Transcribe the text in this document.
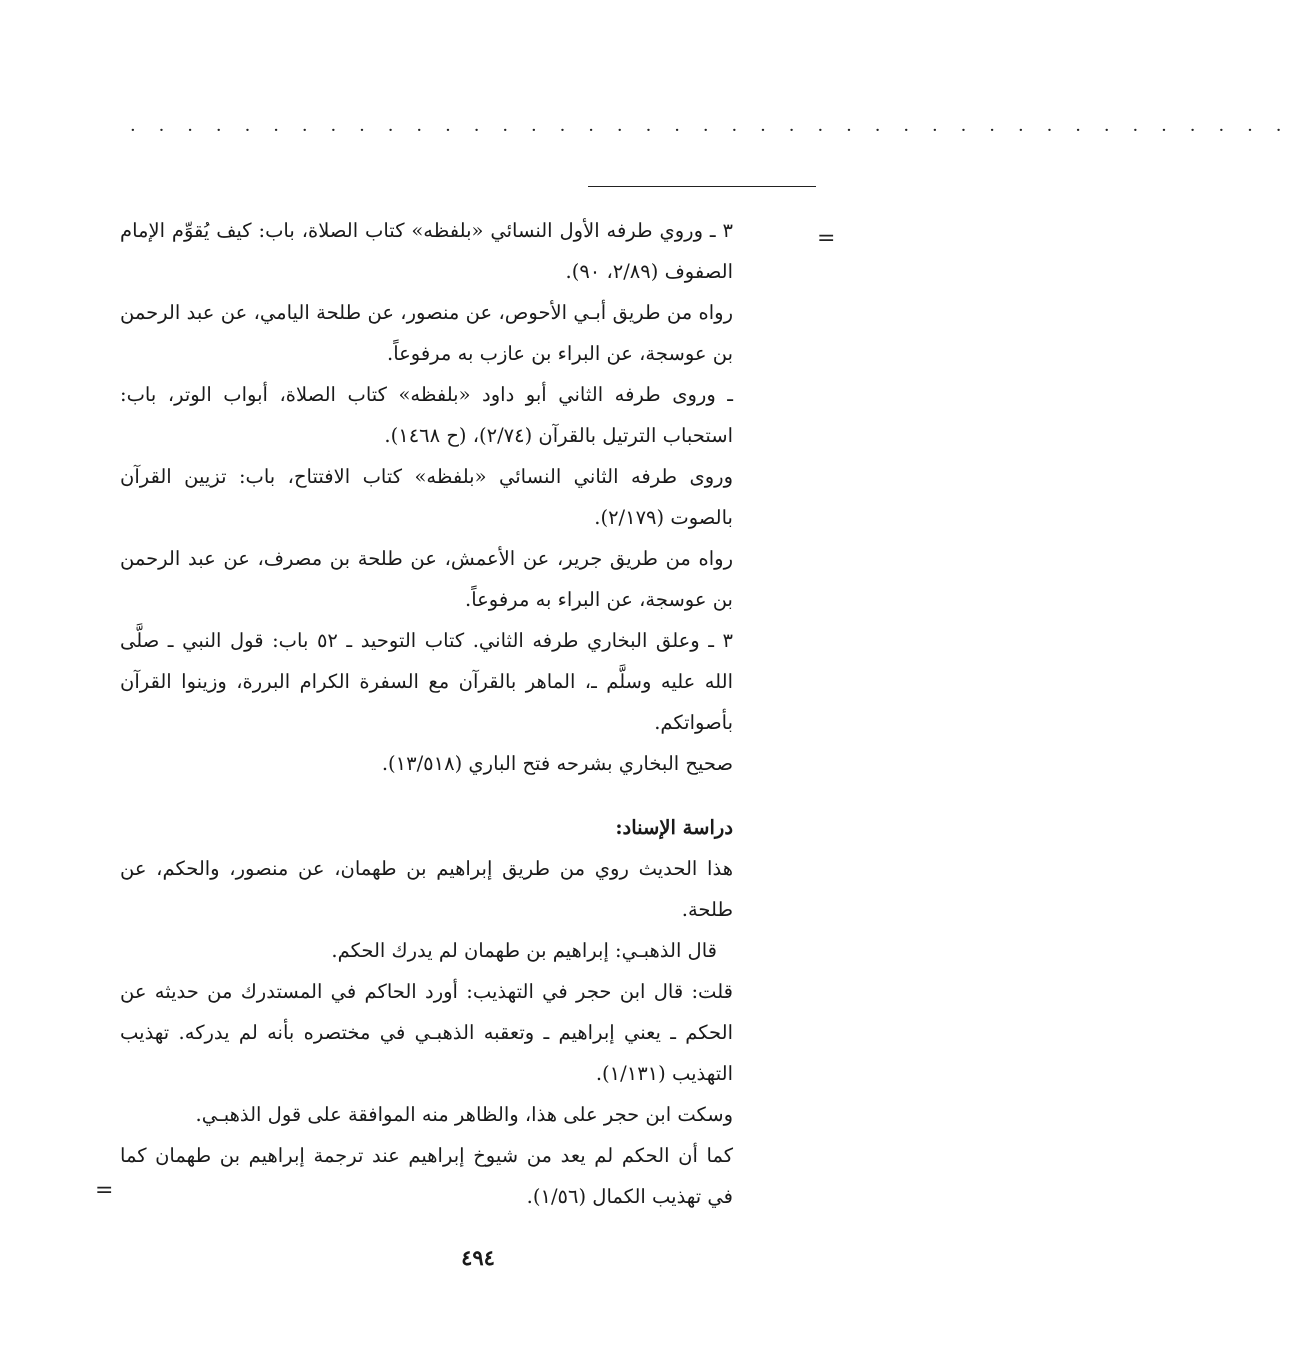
· · · · · · · · · · · · · · · · · · · · · · · · · · · · · · · · · · · · · · · · ·
=
=

٣ ـ وروي طرفه الأول النسائي «بلفظه» كتاب الصلاة، باب: كيف يُقوِّم الإمام الصفوف (٢/٨٩، ٩٠).

رواه من طريق أبـي الأحوص، عن منصور، عن طلحة اليامي، عن عبد الرحمن بن عوسجة، عن البراء بن عازب به مرفوعاً.

ـ وروى طرفه الثاني أبو داود «بلفظه» كتاب الصلاة، أبواب الوتر، باب: استحباب الترتيل بالقرآن (٢/٧٤)، (ح ١٤٦٨).

وروى طرفه الثاني النسائي «بلفظه» كتاب الافتتاح، باب: تزيين القرآن بالصوت (٢/١٧٩).

رواه من طريق جرير، عن الأعمش، عن طلحة بن مصرف، عن عبد الرحمن بن عوسجة، عن البراء به مرفوعاً.

٣ ـ وعلق البخاري طرفه الثاني. كتاب التوحيد ـ ٥٢ باب: قول النبي ـ صلَّى الله عليه وسلَّم ـ، الماهر بالقرآن مع السفرة الكرام البررة، وزينوا القرآن بأصواتكم.

صحيح البخاري بشرحه فتح الباري (١٣/٥١٨).

دراسة الإسناد:

هذا الحديث روي من طريق إبراهيم بن طهمان، عن منصور، والحكم، عن طلحة.

قال الذهبـي: إبراهيم بن طهمان لم يدرك الحكم.

قلت: قال ابن حجر في التهذيب: أورد الحاكم في المستدرك من حديثه عن الحكم ـ يعني إبراهيم ـ وتعقبه الذهبـي في مختصره بأنه لم يدركه. تهذيب التهذيب (١/١٣١).

وسكت ابن حجر على هذا، والظاهر منه الموافقة على قول الذهبـي.

كما أن الحكم لم يعد من شيوخ إبراهيم عند ترجمة إبراهيم بن طهمان كما في تهذيب الكمال (١/٥٦).

٤٩٤
